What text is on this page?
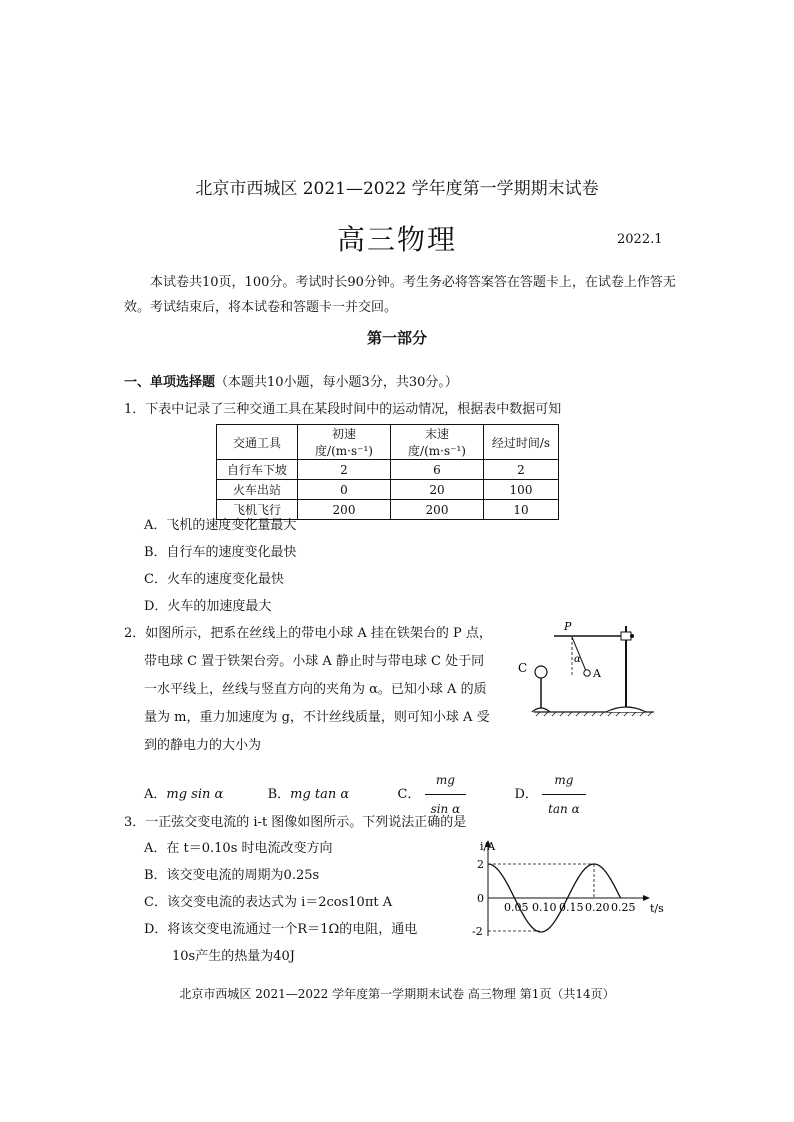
北京市西城区 2021—2022 学年度第一学期期末试卷
高三物理	2022.1
本试卷共10页，100分。考试时长90分钟。考生务必将答案答在答题卡上，在试卷上作答无效。考试结束后，将本试卷和答题卡一并交回。
第一部分
一、单项选择题（本题共10小题，每小题3分，共30分。）
1．下表中记录了三种交通工具在某段时间中的运动情况，根据表中数据可知
交通工具	初速度/(m·s⁻¹)	末速度/(m·s⁻¹)	经过时间/s
自行车下坡	2	6	2
火车出站	0	20	100
飞机飞行	200	200	10
A．飞机的速度变化量最大
B．自行车的速度变化最快
C．火车的速度变化最快
D．火车的加速度最大
2．如图所示，把系在丝线上的带电小球 A 挂在铁架台的 P 点，
带电球 C 置于铁架台旁。小球 A 静止时与带电球 C 处于同
一水平线上，丝线与竖直方向的夹角为 α。已知小球 A 的质
量为 m，重力加速度为 g，不计丝线质量，则可知小球 A 受
到的静电力的大小为
C
P
α
A
A．mg sin α	B．mg tan α	C． $\frac{mg}{\text{sin α}}$	D． $\frac{mg}{\text{tan α}}$
3．一正弦交变电流的 i-t 图像如图所示。下列说法正确的是
A．在 t＝0.10s 时电流改变方向
B．该交变电流的周期为0.25s
C．该交变电流的表达式为 i＝2cos10πt A
D．将该交变电流通过一个R＝1Ω的电阻，通电
10s产生的热量为40J
i/A
t/s
0
2
-2
0.05 0.10 0.15 0.20 0.25
北京市西城区 2021—2022 学年度第一学期期末试卷 高三物理 第1页（共14页）
